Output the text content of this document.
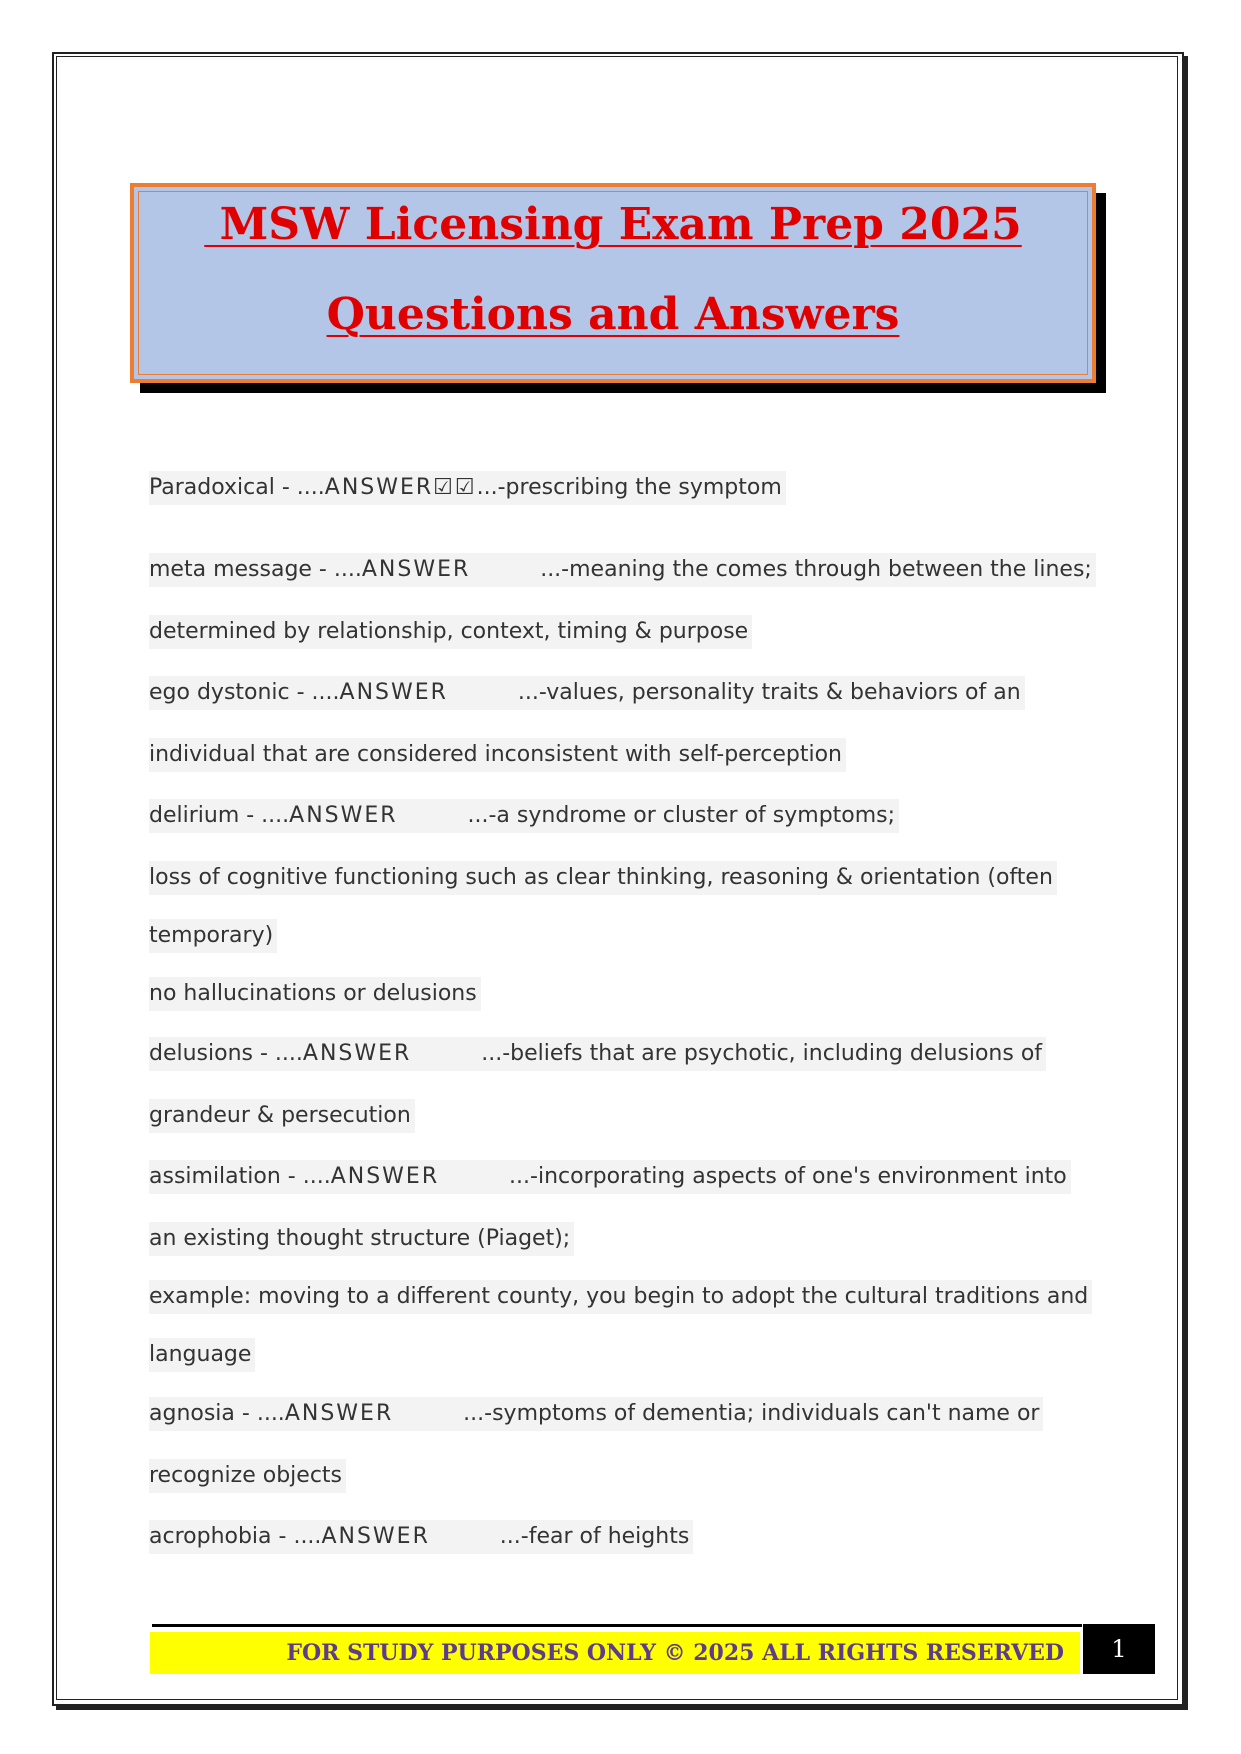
MSW Licensing Exam Prep 2025
Questions and Answers
Paradoxical - ....ANSWER☑☑...-prescribing the symptom
meta message - ....ANSWER          ...-meaning the comes through between the lines;
determined by relationship, context, timing & purpose
ego dystonic - ....ANSWER          ...-values, personality traits & behaviors of an
individual that are considered inconsistent with self-perception
delirium - ....ANSWER          ...-a syndrome or cluster of symptoms;
loss of cognitive functioning such as clear thinking, reasoning & orientation (often
temporary)
no hallucinations or delusions
delusions - ....ANSWER          ...-beliefs that are psychotic, including delusions of
grandeur & persecution
assimilation - ....ANSWER          ...-incorporating aspects of one's environment into
an existing thought structure (Piaget);
example: moving to a different county, you begin to adopt the cultural traditions and
language
agnosia - ....ANSWER          ...-symptoms of dementia; individuals can't name or
recognize objects
acrophobia - ....ANSWER          ...-fear of heights
FOR STUDY PURPOSES ONLY © 2025 ALL RIGHTS RESERVED	1
